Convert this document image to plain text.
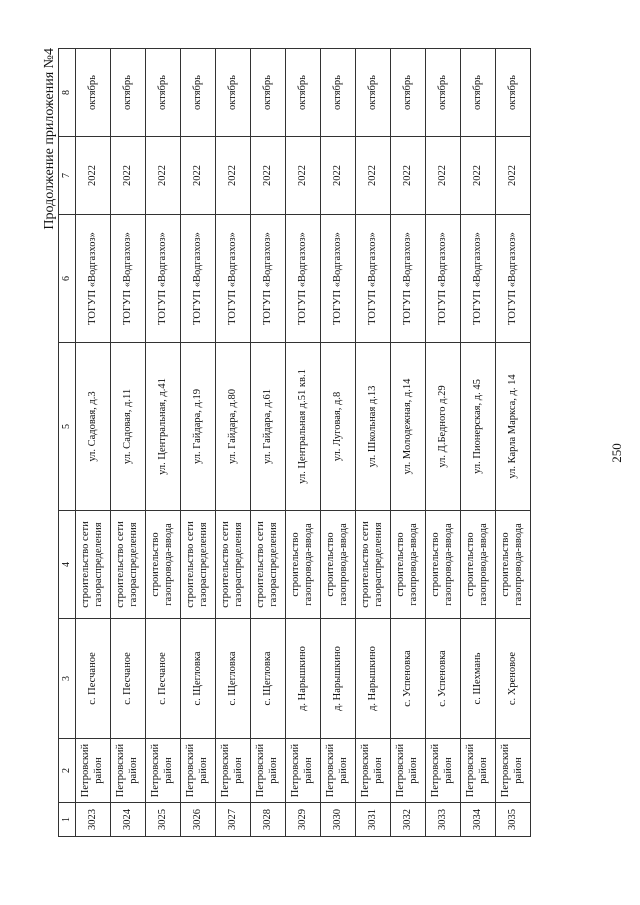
250
Продолжение приложения №4
1	2	3	4	5	6	7	8
3023	Петровский район	с. Песчаное	строительство сети газораспределения	ул. Садовая, д.3	ТОГУП «Водгазхоз»	2022	октябрь
3024	Петровский район	с. Песчаное	строительство сети газораспределения	ул. Садовая, д.11	ТОГУП «Водгазхоз»	2022	октябрь
3025	Петровский район	с. Песчаное	строительство газопровода-ввода	ул. Центральная, д.41	ТОГУП «Водгазхоз»	2022	октябрь
3026	Петровский район	с. Щегловка	строительство сети газораспределения	ул. Гайдара, д.19	ТОГУП «Водгазхоз»	2022	октябрь
3027	Петровский район	с. Щегловка	строительство сети газораспределения	ул. Гайдара, д.80	ТОГУП «Водгазхоз»	2022	октябрь
3028	Петровский район	с. Щегловка	строительство сети газораспределения	ул. Гайдара, д.61	ТОГУП «Водгазхоз»	2022	октябрь
3029	Петровский район	д. Нарышкино	строительство газопровода-ввода	ул. Центральная д.51 кв.1	ТОГУП «Водгазхоз»	2022	октябрь
3030	Петровский район	д. Нарышкино	строительство газопровода-ввода	ул. Луговая, д.8	ТОГУП «Водгазхоз»	2022	октябрь
3031	Петровский район	д. Нарышкино	строительство сети газораспределения	ул. Школьная д.13	ТОГУП «Водгазхоз»	2022	октябрь
3032	Петровский район	с. Успеновка	строительство газопровода-ввода	ул. Молодежная, д.14	ТОГУП «Водгазхоз»	2022	октябрь
3033	Петровский район	с. Успеновка	строительство газопровода-ввода	ул. Д.Бедного д.29	ТОГУП «Водгазхоз»	2022	октябрь
3034	Петровский район	с. Шехмань	строительство газопровода-ввода	ул. Пионерская, д. 45	ТОГУП «Водгазхоз»	2022	октябрь
3035	Петровский район	с. Хреновое	строительство газопровода-ввода	ул. Карла Маркса, д. 14	ТОГУП «Водгазхоз»	2022	октябрь
